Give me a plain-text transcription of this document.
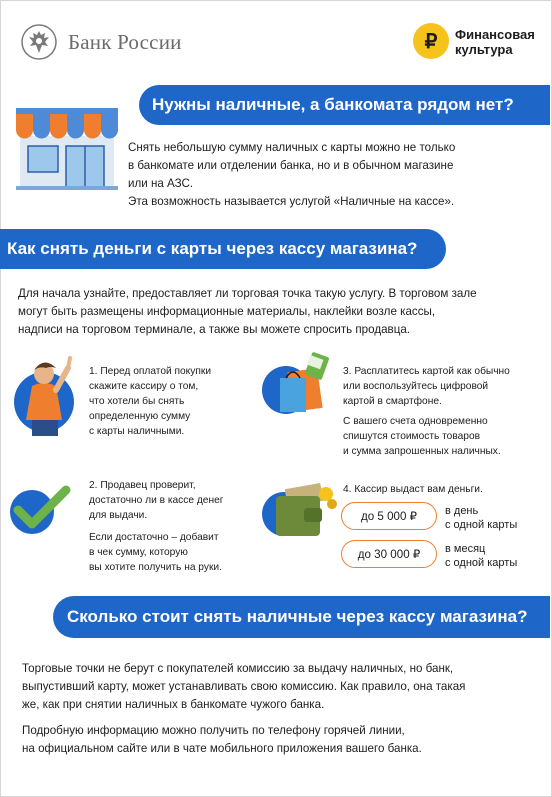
Банк России	₽ Финансовая культура
Нужны наличные, а банкомата рядом нет?
Снять небольшую сумму наличных с карты можно не только
в банкомате или отделении банка, но и в обычном магазине
или на АЗС.
Эта возможность называется услугой «Наличные на кассе».
Как снять деньги с карты через кассу магазина?
Для начала узнайте, предоставляет ли торговая точка такую услугу. В торговом зале
могут быть размещены информационные материалы, наклейки возле кассы,
надписи на торговом терминале, а также вы можете спросить продавца.
1. Перед оплатой покупки
скажите кассиру о том,
что хотели бы снять
определенную сумму
с карты наличными.
2. Продавец проверит,
достаточно ли в кассе денег
для выдачи.
Если достаточно – добавит
в чек сумму, которую
вы хотите получить на руки.
3. Расплатитесь картой как обычно
или воспользуйтесь цифровой
картой в смартфоне.
С вашего счета одновременно
спишутся стоимость товаров
и сумма запрошенных наличных.
4. Кассир выдаст вам деньги.
до 5 000 ₽	в день
с одной карты
до 30 000 ₽	в месяц
с одной карты
Сколько стоит снять наличные через кассу магазина?
Торговые точки не берут с покупателей комиссию за выдачу наличных, но банк,
выпустивший карту, может устанавливать свою комиссию. Как правило, она такая
же, как при снятии наличных в банкомате чужого банка.
Подробную информацию можно получить по телефону горячей линии,
на официальном сайте или в чате мобильного приложения вашего банка.
